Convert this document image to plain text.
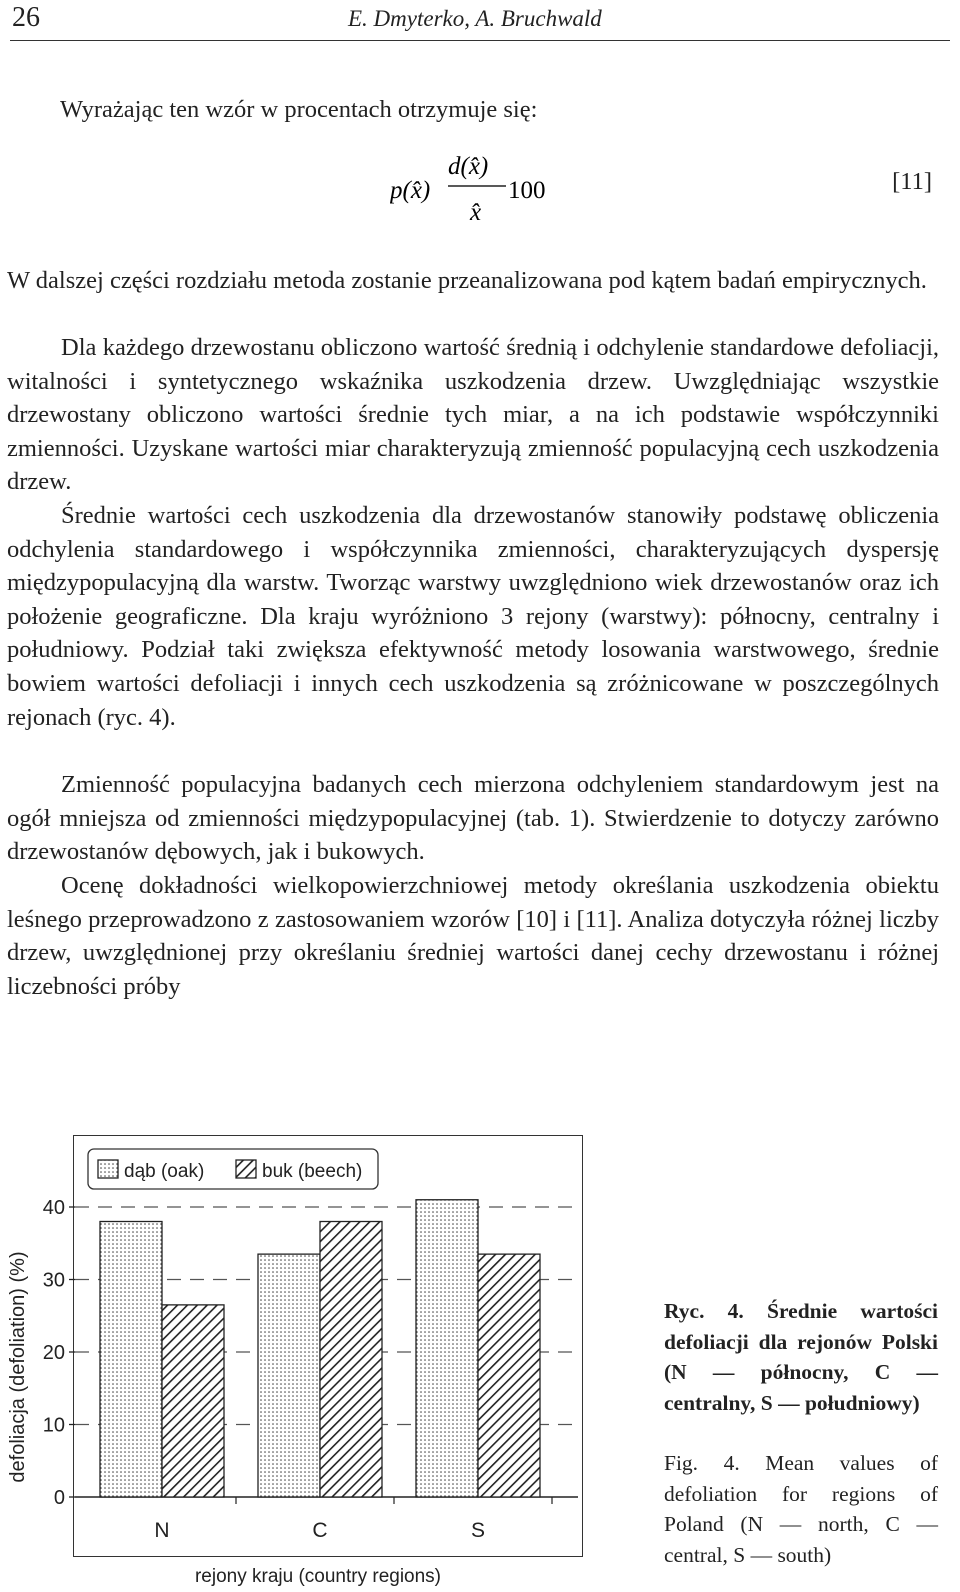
26	E. Dmyterko, A. Bruchwald

Wyrażając ten wzór w procentach otrzymuje się:

p(x̂)
d(x̂)
x̂
100	[11]

W dalszej części rozdziału metoda zostanie przeanalizowana pod kątem badań empirycznych.

Dla każdego drzewostanu obliczono wartość średnią i odchylenie standardowe defoliacji, witalności i syntetycznego wskaźnika uszkodzenia drzew. Uwzględniając wszystkie drzewostany obliczono wartości średnie tych miar, a na ich podstawie współczynniki zmienności. Uzyskane wartości miar charakteryzują zmienność populacyjną cech uszkodzenia drzew.

Średnie wartości cech uszkodzenia dla drzewostanów stanowiły podstawę obliczenia odchylenia standardowego i współczynnika zmienności, charakteryzujących dyspersję międzypopulacyjną dla warstw. Tworząc warstwy uwzględniono wiek drzewostanów oraz ich położenie geograficzne. Dla kraju wyróżniono 3 rejony (warstwy): północny, centralny i południowy. Podział taki zwiększa efektywność metody losowania warstwowego, średnie bowiem wartości defoliacji i innych cech uszkodzenia są zróżnicowane w poszczególnych rejonach (ryc. 4).

Zmienność populacyjna badanych cech mierzona odchyleniem standardowym jest na ogół mniejsza od zmienności międzypopulacyjnej (tab. 1). Stwierdzenie to dotyczy zarówno drzewostanów dębowych, jak i bukowych.

Ocenę dokładności wielkopowierzchniowej metody określania uszkodzenia obiektu leśnego przeprowadzono z zastosowaniem wzorów [10] i [11]. Analiza dotyczyła różnej liczby drzew, uwzględnionej przy określaniu średniej wartości danej cechy drzewostanu i różnej liczebności próby

0
10
20
30
40
N	C	S
defoliacja (defoliation) (%)
rejony kraju (country regions)
dąb (oak)	buk (beech)

Ryc. 4. Średnie wartości defoliacji dla rejonów Polski (N — północny, C — centralny, S — południowy)

Fig. 4. Mean values of defoliation for regions of Poland (N — north, C — central, S — south)
